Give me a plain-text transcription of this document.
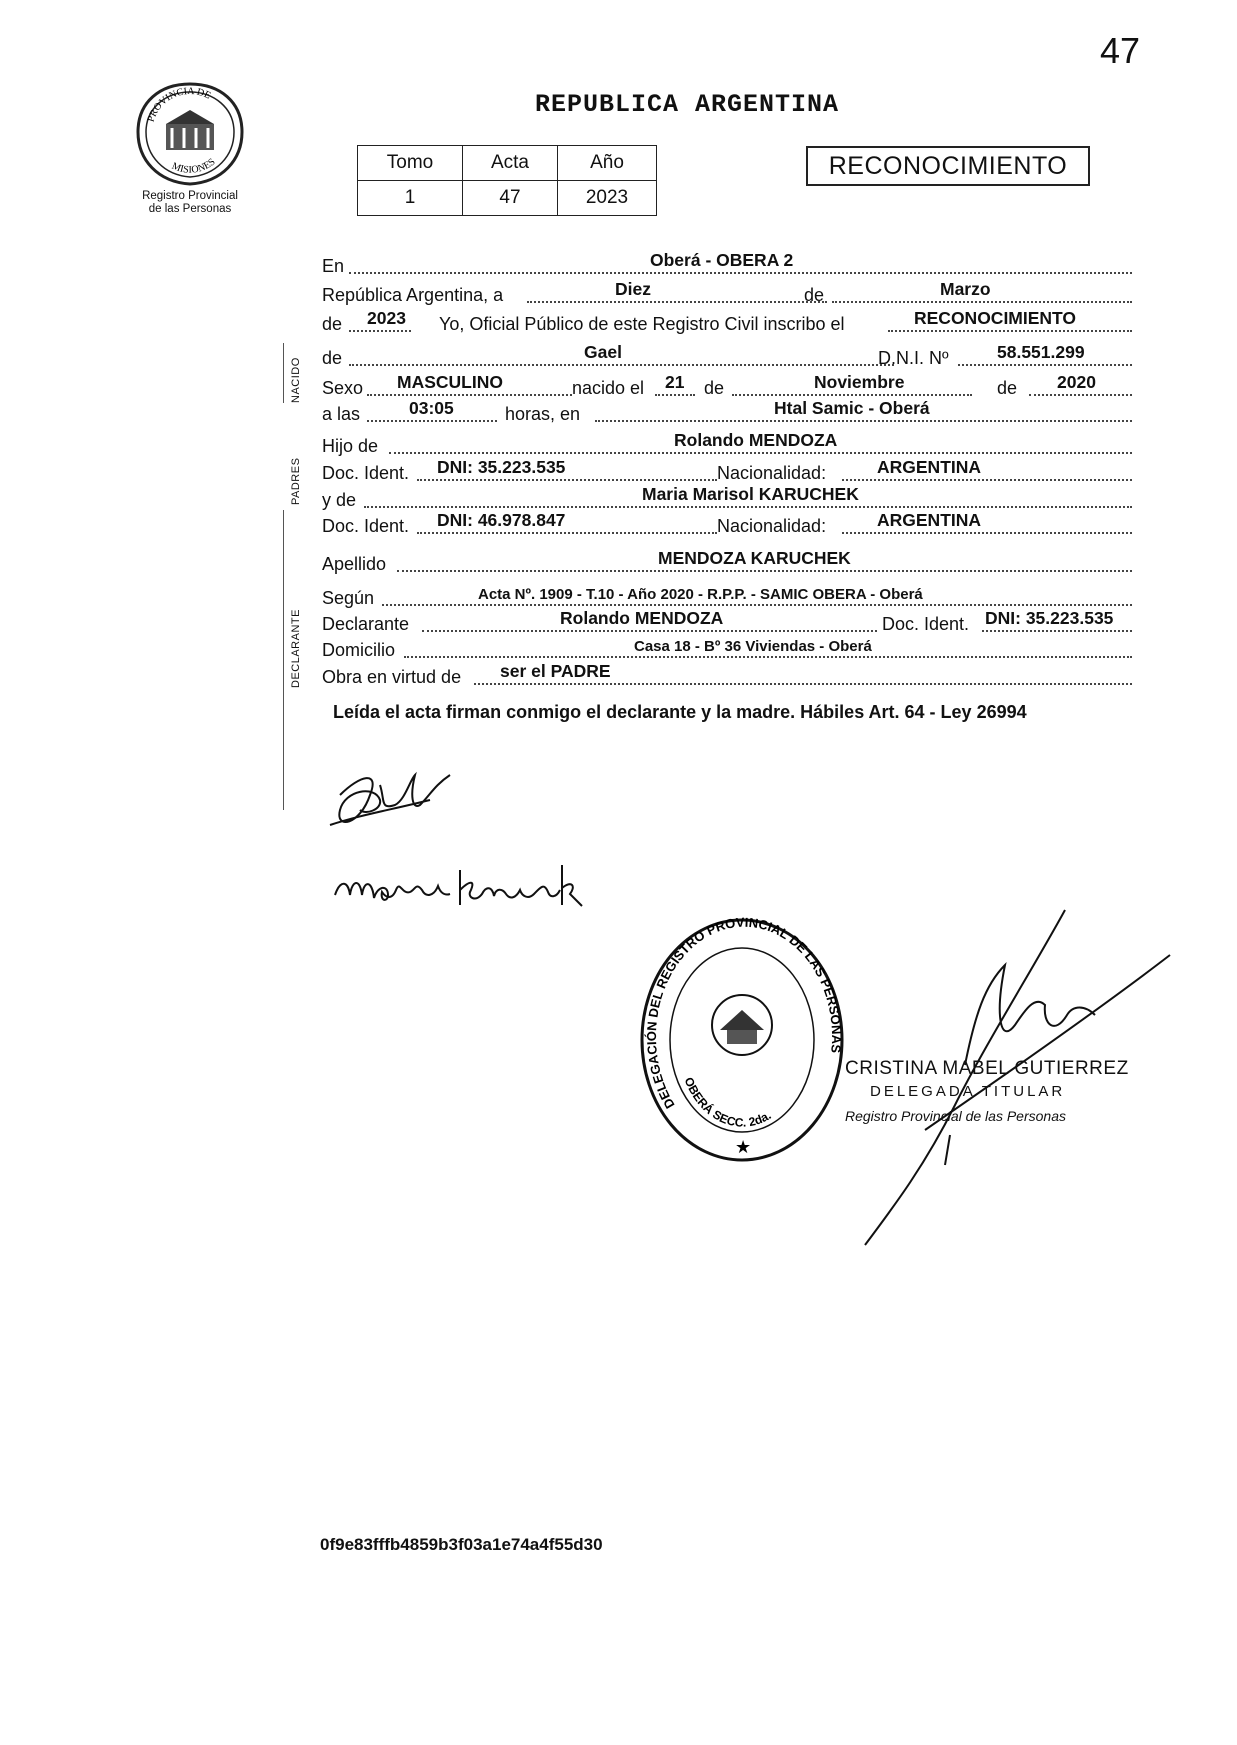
47
PROVINCIA DE
MISIONES
Registro Provincial
de las Personas
REPUBLICA ARGENTINA
Tomo	Acta	Año
1	47	2023
RECONOCIMIENTO
NACIDO
PADRES
DECLARANTE
En	Oberá - OBERA 2
República Argentina, a	Diez	de	Marzo
de 2023 Yo, Oficial Público de este Registro Civil inscribo el	RECONOCIMIENTO
de	Gael	D.N.I. Nº	58.551.299
Sexo MASCULINO	nacido el 21 de	Noviembre	de 2020
a las	03:05	horas, en	Htal Samic - Oberá
Hijo de	Rolando MENDOZA
Doc. Ident. DNI: 35.223.535	Nacionalidad:	ARGENTINA
y de	Maria Marisol KARUCHEK
Doc. Ident. DNI: 46.978.847	Nacionalidad:	ARGENTINA
Apellido	MENDOZA KARUCHEK
Según	Acta Nº. 1909 - T.10 - Año 2020 - R.P.P. - SAMIC OBERA - Oberá
Declarante	Rolando MENDOZA	Doc. Ident. DNI: 35.223.535
Domicilio	Casa 18 - Bº 36 Viviendas - Oberá
Obra en virtud de ser el PADRE
Leída el acta firman conmigo el declarante y la madre. Hábiles Art. 64 - Ley 26994
DELEGACIÓN DEL REGISTRO PROVINCIAL DE LAS PERSONAS
OBERÁ SECC. 2da.
★
CRISTINA MABEL GUTIERREZ
DELEGADA TITULAR
Registro Provincial de las Personas
0f9e83fffb4859b3f03a1e74a4f55d30
